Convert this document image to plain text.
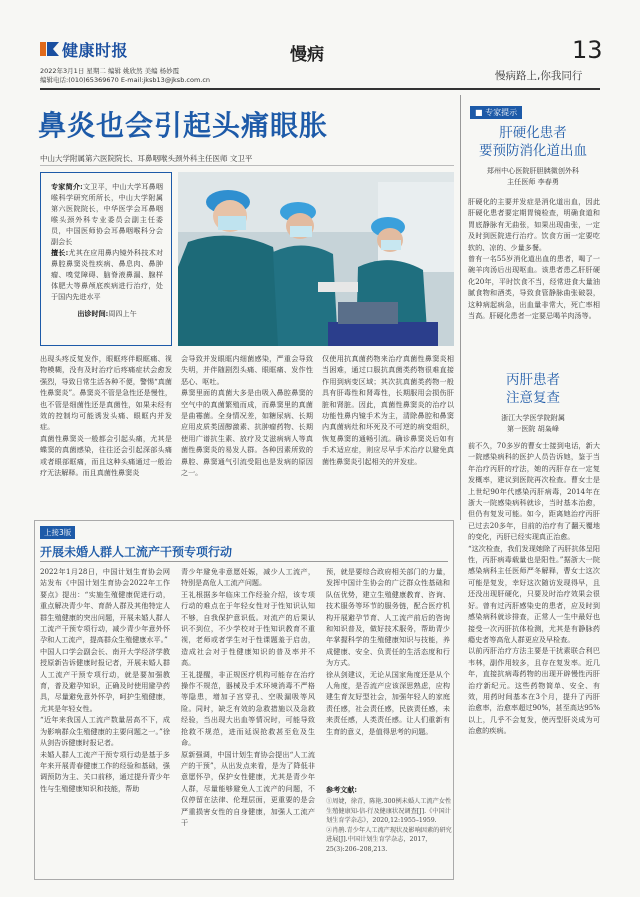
健康时报	慢病	13
2022年3月1日 星期二 编辑 姚欣然 美编 杨妙霞
编辑电话:(010)65369670 E-mail:jksb13@jksb.com.cn	慢病路上,你我同行
鼻炎也会引起头痛眼胀
中山大学附属第六医院院长、耳鼻咽喉头颈外科主任医师 文卫平
专家简介:文卫平，中山大学耳鼻咽喉科学研究所所长，中山大学附属第六医院院长，中华医学会耳鼻咽喉头颈外科专业委员会副主任委员，中国医师协会耳鼻咽喉科分会副会长
擅长:尤其在应用鼻内镜外科技术对鼻腔鼻窦炎性疾病、鼻息肉、鼻肿瘤、嗅觉障碍、脑脊液鼻漏、腺样体肥大等鼻颅底疾病进行治疗，处于国内先进水平
出诊时间:周四上午
出现头疼反复发作，眼眶疼伴眼眶痛、视物模糊，没有及时治疗后疼痛症状会愈发强烈，导致日常生活各种不便，警惕“真菌性鼻窦炎”。鼻窦炎不管是急性还是慢性，也不管是细菌性还是真菌性，如果未经有效的控制均可能诱发头痛、眼眶内并发症。
真菌性鼻窦炎一般都会引起头痛，尤其是蝶窦的真菌感染，往往还会引起深部头痛或者眼部眶痛，而且这种头痛通过一般治疗无法解释。而且真菌性鼻窦炎
会导致并发眼眶内细菌感染，严重会导致失明，并伴随剧烈头痛、眼眶痛、发作性恶心、呕吐。
鼻窦里面的真菌大多是由吸入鼻腔鼻窦的空气中的真菌繁殖而成，而鼻窦里的真菌是曲霉菌。全身情况差，如糖尿病、长期应用皮质类固醇激素、抗肿瘤药物、长期使用广谱抗生素、放疗及艾滋病病人等真菌性鼻窦炎的易发人群。各种因素所致的鼻腔、鼻窦通气引流受阻也是发病的原因之一。
仅使用抗真菌药物来治疗真菌性鼻窦炎相当困难，通过口服抗真菌类药物很难直接作用到病变区域；其次抗真菌类药物一般具有肝毒性和肾毒性，长期服用会损伤肝脏和肾脏。因此，真菌性鼻窦炎的治疗以功能性鼻内镜手术为主，清除鼻腔和鼻窦内真菌病灶和坏死及不可逆的病变组织，恢复鼻窦的通畅引流。确诊鼻窦炎后如有手术适应症，则应尽早手术治疗以避免真菌性鼻窦炎引起相关的并发症。
■ 专家提示
肝硬化患者
要预防消化道出血
郑州中心医院肝胆胰微创外科
主任医师 李春勇
肝硬化的主要并发症是消化道出血，因此肝硬化患者要定期胃镜检查，明确食道和胃底静脉有无曲张，如果出现曲张，一定及时到医院进行治疗。饮食方面一定要吃软的、凉的、少量多餐。
曾有一名55岁消化道出血的患者，喝了一碗羊肉汤后出现呕血。该患者患乙肝肝硬化20年，平时饮食不当，经常进食大量油腻食物和酒类，导致食管静脉曲张破裂，这种病起病急，出血量非常大，死亡率相当高。肝硬化患者一定要忌喝羊肉汤等。
丙肝患者
注意复查
浙江大学医学院附属
第一医院 胡枭峰
前不久，70多岁的曹女士接到电话，新大一院感染病科的医护人员告诉她，鉴于当年治疗丙肝的疗法，她的丙肝存在一定复发概率，建议到医院再次检查。曹女士是上世纪90年代感染丙肝病毒，2014年在浙大一院感染病科就诊，当时基本治愈，但仍有复发可能。如今，距离她治疗丙肝已过去20多年，目前的治疗有了翻天覆地的变化，丙肝已经实现真正治愈。
“这次检查，我们发现她除了丙肝抗体呈阳性，丙肝病毒载量也是阳性。”据浙大一院感染病科主任医师严冬解释，曹女士这次可能是复发，幸好这次随访发现得早，且还没出现肝硬化，只要及时治疗效果会很好。曾有过丙肝感染史的患者，应及时到感染病科就诊排查，正常人一生中最好也接受一次丙肝抗体检测，尤其是有静脉药瘾史者等高危人群更应及早检查。
以前丙肝治疗方法主要是干扰素联合利巴韦林，副作用较多，且存在复发率。近几年，直接抗病毒药物的出现开辟慢性丙肝治疗新纪元。这些药物简单、安全、有效，用药时间基本在3个月，提升了丙肝治愈率，治愈率超过90%，甚至高达95%以上，几乎不会复发，使丙型肝炎成为可治愈的疾病。
上接3版
开展未婚人群人工流产干预专项行动
2022年1月28日，中国计划生育协会网站发布《中国计划生育协会2022年工作要点》提出：“实施生殖健康促进行动，重点解决青少年、育龄人群及其他特定人群生殖健康的突出问题，开展未婚人群人工流产干预专项行动，减少青少年意外怀孕和人工流产，提高群众生殖健康水平。”
中国人口学会副会长、南开大学经济学教授原新告诉健康时报记者，开展未婚人群人工流产干预专项行动，就是要加强教育，普及避孕知识，正确及时使用避孕药具，尽量避免意外怀孕，呵护生殖健康，尤其是年轻女性。
“近年来我国人工流产数量居高不下，成为影响群众生殖健康的主要问题之一。”徐从剑告诉健康时报记者。
未婚人群人工流产干预专项行动是基于多年来开展青春健康工作的经验和基础，强调预防为主、关口前移，通过提升青少年性与生殖健康知识和技能，帮助
青少年避免非意愿妊娠，减少人工流产，特别是高危人工流产问题。
王礼根据多年临床工作经验介绍，该专项行动的难点在于年轻女性对于性知识认知不够，自我保护意识低。对流产的后果认识不到位，不少学校对于性知识教育不重视，老师或者学生对于性课题羞于启齿，造成社会对于性健康知识的普及率并不高。
王礼提醒，非正规医疗机构可能存在治疗操作不规范，器械及手术环境消毒不严格等隐患，增加子宫穿孔、空吸漏吸等风险。同时，缺乏有效的急救措施以及急救经验，当出现大出血等情况时，可能导致抢救不规范，进而延误抢救甚至危及生命。
原新强调，中国计划生育协会提出“人工流产的干预”，从出发点来看，是为了降低非意愿怀孕，保护女性健康，尤其是青少年人群，尽量能够避免人工流产的问题，不仅停留在法律、伦理层面，更重要的是会严重损害女性的自身健康，加强人工流产干
预，就是要综合政府相关部门的力量，发挥中国计生协会的广泛群众性基础和队伍优势，建立生殖健康教育、咨询、技术服务等环节的服务链，配合医疗机构开展避孕节育、人工流产前后的咨询和知识普及，做好技术服务，帮助青少年掌握科学的生殖健康知识与技能，养成健康、安全、负责任的生活态度和行为方式。
徐从剑建议，无论从国家角度还是从个人角度，是否流产应该深思熟虑，应构建生育友好型社会，加强年轻人的家庭责任感，社会责任感，民族责任感，未来责任感，人类责任感。让人们重新有生育的意义，是值得思考的问题。
参考文献:
①周婕，徐青，陈艳.300例未婚人工流产女性生殖健康知-信-行及健康状况调查[J].《中国计划生育学杂志》，2020,12:1955–1959.
②肖鹃.青少年人工流产现状及影响因素的研究进展[J].中国计划生育学杂志，2017，25(3):206–208,213.
